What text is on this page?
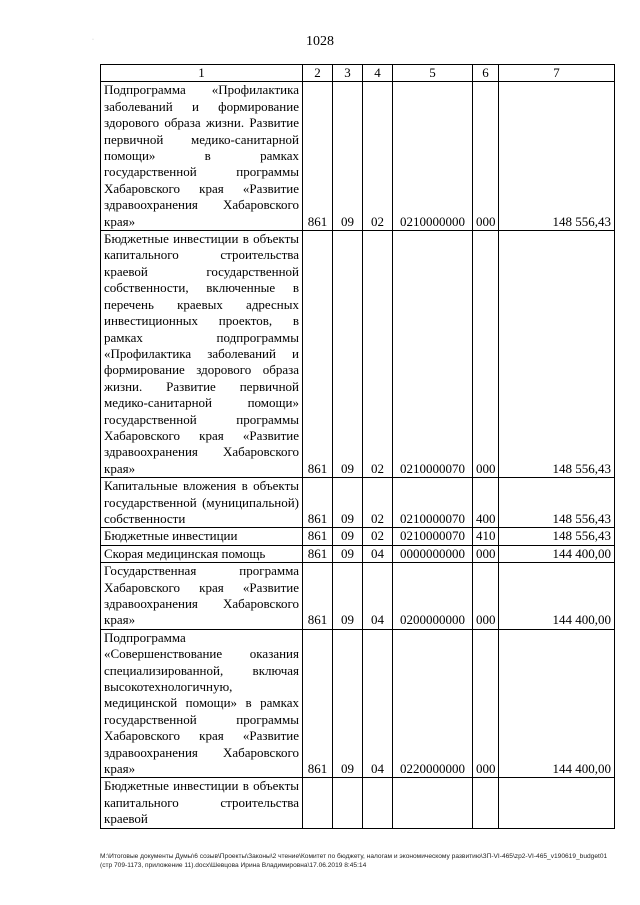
·	1028
1	2	3	4	5	6	7
Подпрограмма «Профилактика заболеваний и формирование здорового образа жизни. Развитие первичной медико-санитарной помощи» в рамках государственной программы Хабаровского края «Развитие здравоохранения Хабаровского края»	861	09	02	0210000000	000	148 556,43
Бюджетные инвестиции в объекты капитального строительства краевой государственной собственности, включенные в перечень краевых адресных инвестиционных проектов, в рамках подпрограммы «Профилактика заболеваний и формирование здорового образа жизни. Развитие первичной медико-санитарной помощи» государственной программы Хабаровского края «Развитие здравоохранения Хабаровского края»	861	09	02	0210000070	000	148 556,43
Капитальные вложения в объекты государственной (муниципальной) собственности	861	09	02	0210000070	400	148 556,43
Бюджетные инвестиции	861	09	02	0210000070	410	148 556,43
Скорая медицинская помощь	861	09	04	0000000000	000	144 400,00
Государственная программа Хабаровского края «Развитие здравоохранения Хабаровского края»	861	09	04	0200000000	000	144 400,00
Подпрограмма «Совершенствование оказания специализированной, включая высокотехнологичную, медицинской помощи» в рамках государственной программы Хабаровского края «Развитие здравоохранения Хабаровского края»	861	09	04	0220000000	000	144 400,00
Бюджетные инвестиции в объекты капитального строительства краевой						
M:\Итоговые документы Думы\6 созыв\Проекты\Законы\2 чтение\Комитет по бюджету, налогам и экономическому развитию\ЗП-VI-465\zp2-VI-465_v190619_budget01 (стр 709-1173, приложение 11).docx\Шевцова Ирина Владимировна\17.06.2019 8:45:14
